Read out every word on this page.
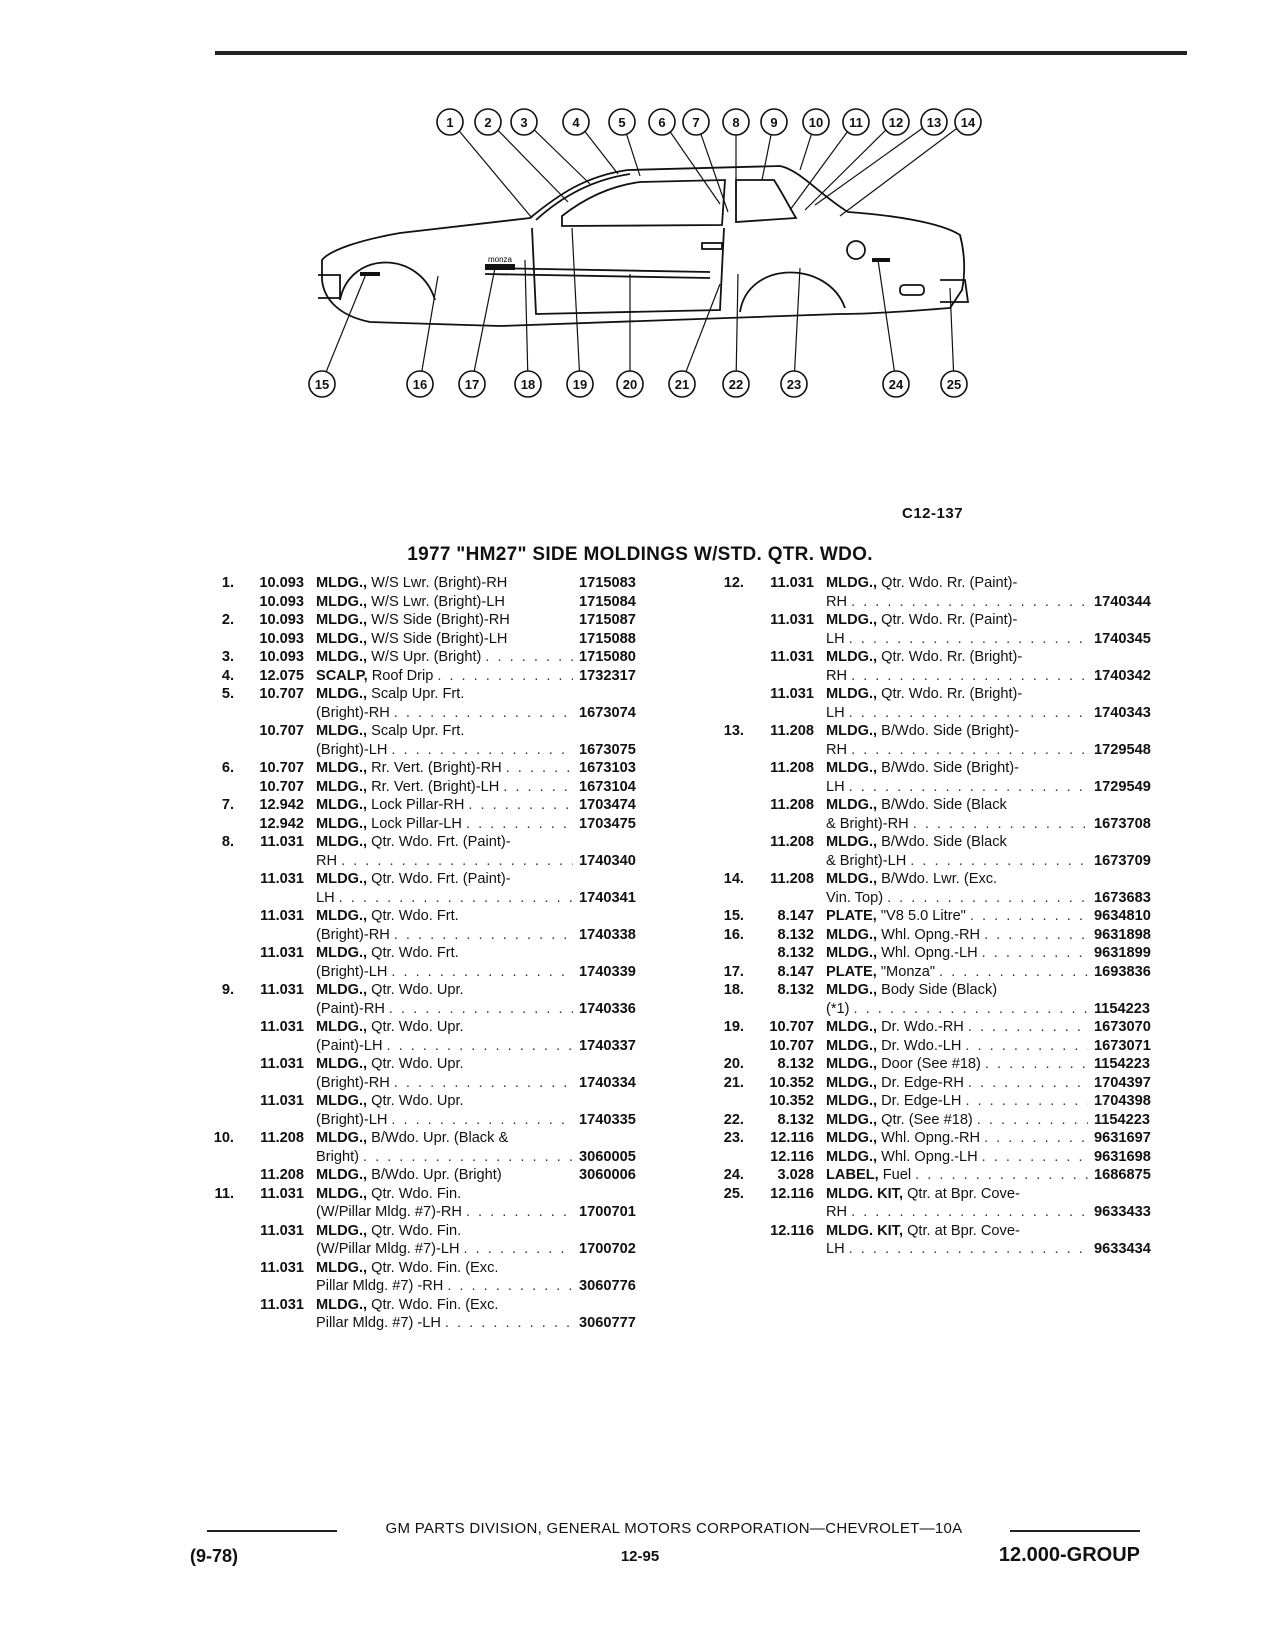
monza
1 2 3	4	5	6 7	8 9 10 11 12 13 14
15	16	17	18	19	20	21	22	23	24	25
C12-137
1977 "HM27" SIDE MOLDINGS W/STD. QTR. WDO.
1.	10.093 MLDG., W/S Lwr. (Bright)-RH	1715083
10.093 MLDG., W/S Lwr. (Bright)-LH	1715084
2.	10.093 MLDG., W/S Side (Bright)-RH	1715087
10.093 MLDG., W/S Side (Bright)-LH	1715088
3.	10.093 MLDG., W/S Upr. (Bright) . . .	1715080
4.	12.075 SCALP, Roof Drip . . .	1732317
5.	10.707 MLDG., Scalp Upr. Frt.
(Bright)-RH . . .	1673074
10.707 MLDG., Scalp Upr. Frt.
(Bright)-LH . . .	1673075
6.	10.707 MLDG., Rr. Vert. (Bright)-RH . . .	1673103
10.707 MLDG., Rr. Vert. (Bright)-LH . . .	1673104
7.	12.942 MLDG., Lock Pillar-RH . . .	1703474
12.942 MLDG., Lock Pillar-LH . . .	1703475
8.	11.031 MLDG., Qtr. Wdo. Frt. (Paint)-
RH . . .	1740340
11.031 MLDG., Qtr. Wdo. Frt. (Paint)-
LH . . .	1740341
11.031 MLDG., Qtr. Wdo. Frt.
(Bright)-RH . . .	1740338
11.031 MLDG., Qtr. Wdo. Frt.
(Bright)-LH . . .	1740339
9.	11.031 MLDG., Qtr. Wdo. Upr.
(Paint)-RH . . .	1740336
11.031 MLDG., Qtr. Wdo. Upr.
(Paint)-LH . . .	1740337
11.031 MLDG., Qtr. Wdo. Upr.
(Bright)-RH . . .	1740334
11.031 MLDG., Qtr. Wdo. Upr.
(Bright)-LH . . .	1740335
10.	11.208 MLDG., B/Wdo. Upr. (Black &
Bright) . . .	3060005
11.208 MLDG., B/Wdo. Upr. (Bright)	3060006
11.	11.031 MLDG., Qtr. Wdo. Fin.
(W/Pillar Mldg. #7)-RH . . .	1700701
11.031 MLDG., Qtr. Wdo. Fin.
(W/Pillar Mldg. #7)-LH . . .	1700702
11.031 MLDG., Qtr. Wdo. Fin. (Exc.
Pillar Mldg. #7) -RH . . .	3060776
11.031 MLDG., Qtr. Wdo. Fin. (Exc.
Pillar Mldg. #7) -LH . . .	3060777
12.	11.031 MLDG., Qtr. Wdo. Rr. (Paint)-
RH . . .	1740344
11.031 MLDG., Qtr. Wdo. Rr. (Paint)-
LH . . .	1740345
11.031 MLDG., Qtr. Wdo. Rr. (Bright)-
RH . . .	1740342
11.031 MLDG., Qtr. Wdo. Rr. (Bright)-
LH . . .	1740343
13.	11.208 MLDG., B/Wdo. Side (Bright)-
RH . . .	1729548
11.208 MLDG., B/Wdo. Side (Bright)-
LH . . .	1729549
11.208 MLDG., B/Wdo. Side (Black
& Bright)-RH . . .	1673708
11.208 MLDG., B/Wdo. Side (Black
& Bright)-LH . . .	1673709
14.	11.208 MLDG., B/Wdo. Lwr. (Exc.
Vin. Top) . . .	1673683
15.	8.147 PLATE, "V8 5.0 Litre" . . .	9634810
16.	8.132 MLDG., Whl. Opng.-RH . . .	9631898
8.132 MLDG., Whl. Opng.-LH . . .	9631899
17.	8.147 PLATE, "Monza" . . .	1693836
18.	8.132 MLDG., Body Side (Black)
(*1) . . .	1154223
19.	10.707 MLDG., Dr. Wdo.-RH . . .	1673070
10.707 MLDG., Dr. Wdo.-LH . . .	1673071
20.	8.132 MLDG., Door (See #18) . . .	1154223
21.	10.352 MLDG., Dr. Edge-RH . . .	1704397
10.352 MLDG., Dr. Edge-LH . . .	1704398
22.	8.132 MLDG., Qtr. (See #18) . . .	1154223
23.	12.116 MLDG., Whl. Opng.-RH . . .	9631697
12.116 MLDG., Whl. Opng.-LH . . .	9631698
24.	3.028 LABEL, Fuel . . .	1686875
25.	12.116 MLDG. KIT, Qtr. at Bpr. Cove-
RH . . .	9633433
12.116 MLDG. KIT, Qtr. at Bpr. Cove-
LH . . .	9633434
GM PARTS DIVISION, GENERAL MOTORS CORPORATION—CHEVROLET—10A
(9-78)	12-95	12.000-GROUP
